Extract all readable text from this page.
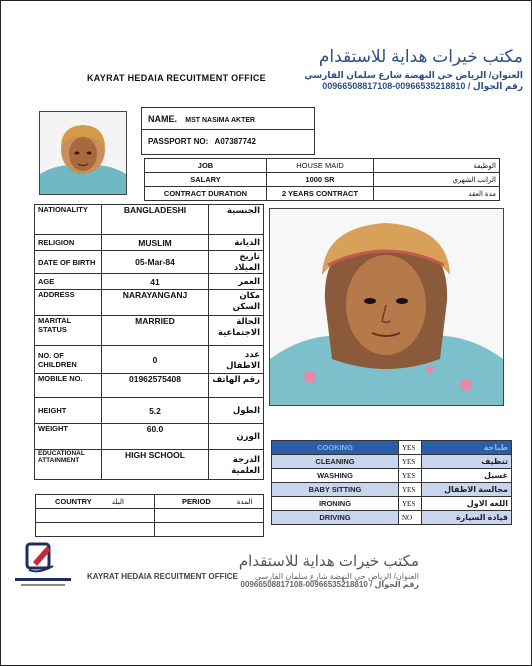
مكتب خيرات هداية للاستقدام
العنوان/ الرياض حي النهضة شارع سلمان الفارسي
رقم الجوال / 00966535218810-00966508817108
KAYRAT HEDAIA RECUITMENT OFFICE
NAME. MST NASIMA AKTER
PASSPORT NO: A07387742
JOB	HOUSE MAID	الوظيفة
SALARY	1000 SR	الراتب الشهري
CONTRACT DURATION	2 YEARS CONTRACT	مدة العقد
NATIONALITY	BANGLADESHI	الجنسية
RELIGION	MUSLIM	الديانة
DATE OF BIRTH	05-Mar-84	تاريخ الميلاد
AGE	41	العمر
ADDRESS	NARAYANGANJ	مكان السكن
MARITAL STATUS	MARRIED	الحالة الاجتماعية
NO. OF CHILDREN	0	عدد الاطفال
MOBILE NO.	01962575408	رقم الهاتف
HEIGHT	5.2	الطول
WEIGHT	60.0	الوزن
EDUCATIONAL ATTAINMENT	HIGH SCHOOL	الدرجة العلمية
COOKING	YES	طباخة
CLEANING	YES	تنظيف
WASHING	YES	غسيل
BABY SITTING	YES	مجالسة الاطفال
IRONING	YES	اللغه الاول
DRIVING	NO	قيادة السيارة
COUNTRY البلد	PERIOD المدة

KAYRAT HEDAIA RECUITMENT OFFICE
مكتب خيرات هداية للاستقدام
العنوان/ الرياض حي النهضة شارع سلمان الفارسي
رقم الجوال / 00966535218810-00966508817108
